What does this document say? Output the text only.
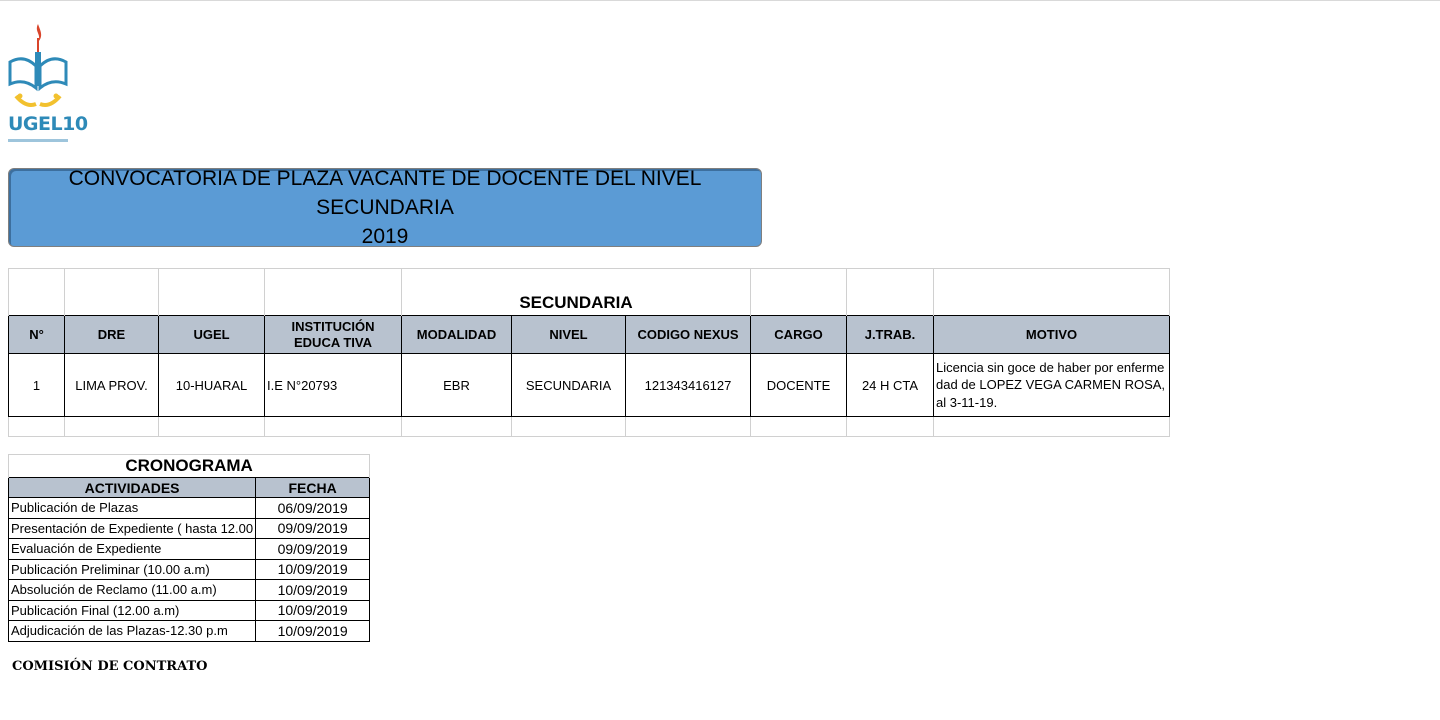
UGEL10
CONVOCATORIA DE PLAZA VACANTE DE DOCENTE DEL NIVEL SECUNDARIA
2019
				SECUNDARIA					
N°	DRE	UGEL	INSTITUCIÓN EDUCA TIVA	MODALIDAD	NIVEL	CODIGO NEXUS	CARGO	J.TRAB.	MOTIVO
1	LIMA PROV.	10-HUARAL	I.E N°20793	EBR	SECUNDARIA	121343416127	DOCENTE	24 H CTA	Licencia sin goce de haber por enfermedad de LOPEZ VEGA CARMEN ROSA, al 3-11-19.

CRONOGRAMA	
ACTIVIDADES	FECHA
Publicación de Plazas	06/09/2019
Presentación de Expediente ( hasta 12.00	09/09/2019
Evaluación de Expediente	09/09/2019
Publicación Preliminar (10.00 a.m)	10/09/2019
Absolución de Reclamo (11.00 a.m)	10/09/2019
Publicación Final (12.00 a.m)	10/09/2019
Adjudicación de las Plazas-12.30 p.m	10/09/2019
COMISIÓN DE CONTRATO
